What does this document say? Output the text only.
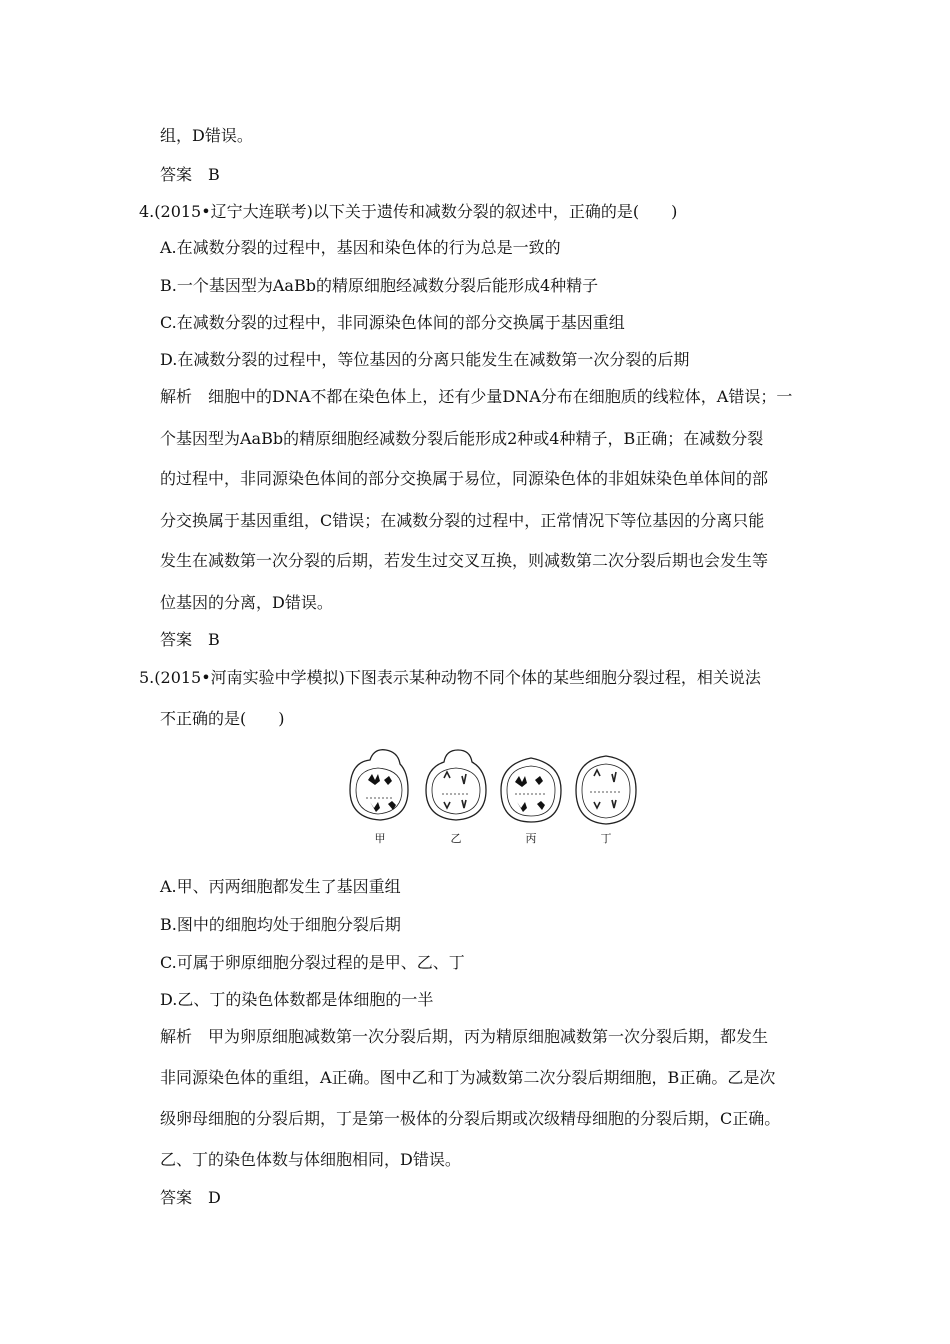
组，D错误。
答案　B
4.(2015•辽宁大连联考)以下关于遗传和减数分裂的叙述中，正确的是(　　)
A.在减数分裂的过程中，基因和染色体的行为总是一致的
B.一个基因型为AaBb的精原细胞经减数分裂后能形成4种精子
C.在减数分裂的过程中，非同源染色体间的部分交换属于基因重组
D.在减数分裂的过程中，等位基因的分离只能发生在减数第一次分裂的后期
解析　细胞中的DNA不都在染色体上，还有少量DNA分布在细胞质的线粒体，A错误；一
个基因型为AaBb的精原细胞经减数分裂后能形成2种或4种精子，B正确；在减数分裂
的过程中，非同源染色体间的部分交换属于易位，同源染色体的非姐妹染色单体间的部
分交换属于基因重组，C错误；在减数分裂的过程中，正常情况下等位基因的分离只能
发生在减数第一次分裂的后期，若发生过交叉互换，则减数第二次分裂后期也会发生等
位基因的分离，D错误。
答案　B
5.(2015•河南实验中学模拟)下图表示某种动物不同个体的某些细胞分裂过程，相关说法
不正确的是(　　)
甲	乙	丙	丁
A.甲、丙两细胞都发生了基因重组
B.图中的细胞均处于细胞分裂后期
C.可属于卵原细胞分裂过程的是甲、乙、丁
D.乙、丁的染色体数都是体细胞的一半
解析　甲为卵原细胞减数第一次分裂后期，丙为精原细胞减数第一次分裂后期，都发生
非同源染色体的重组，A正确。图中乙和丁为减数第二次分裂后期细胞，B正确。乙是次
级卵母细胞的分裂后期，丁是第一极体的分裂后期或次级精母细胞的分裂后期，C正确。
乙、丁的染色体数与体细胞相同，D错误。
答案　D
